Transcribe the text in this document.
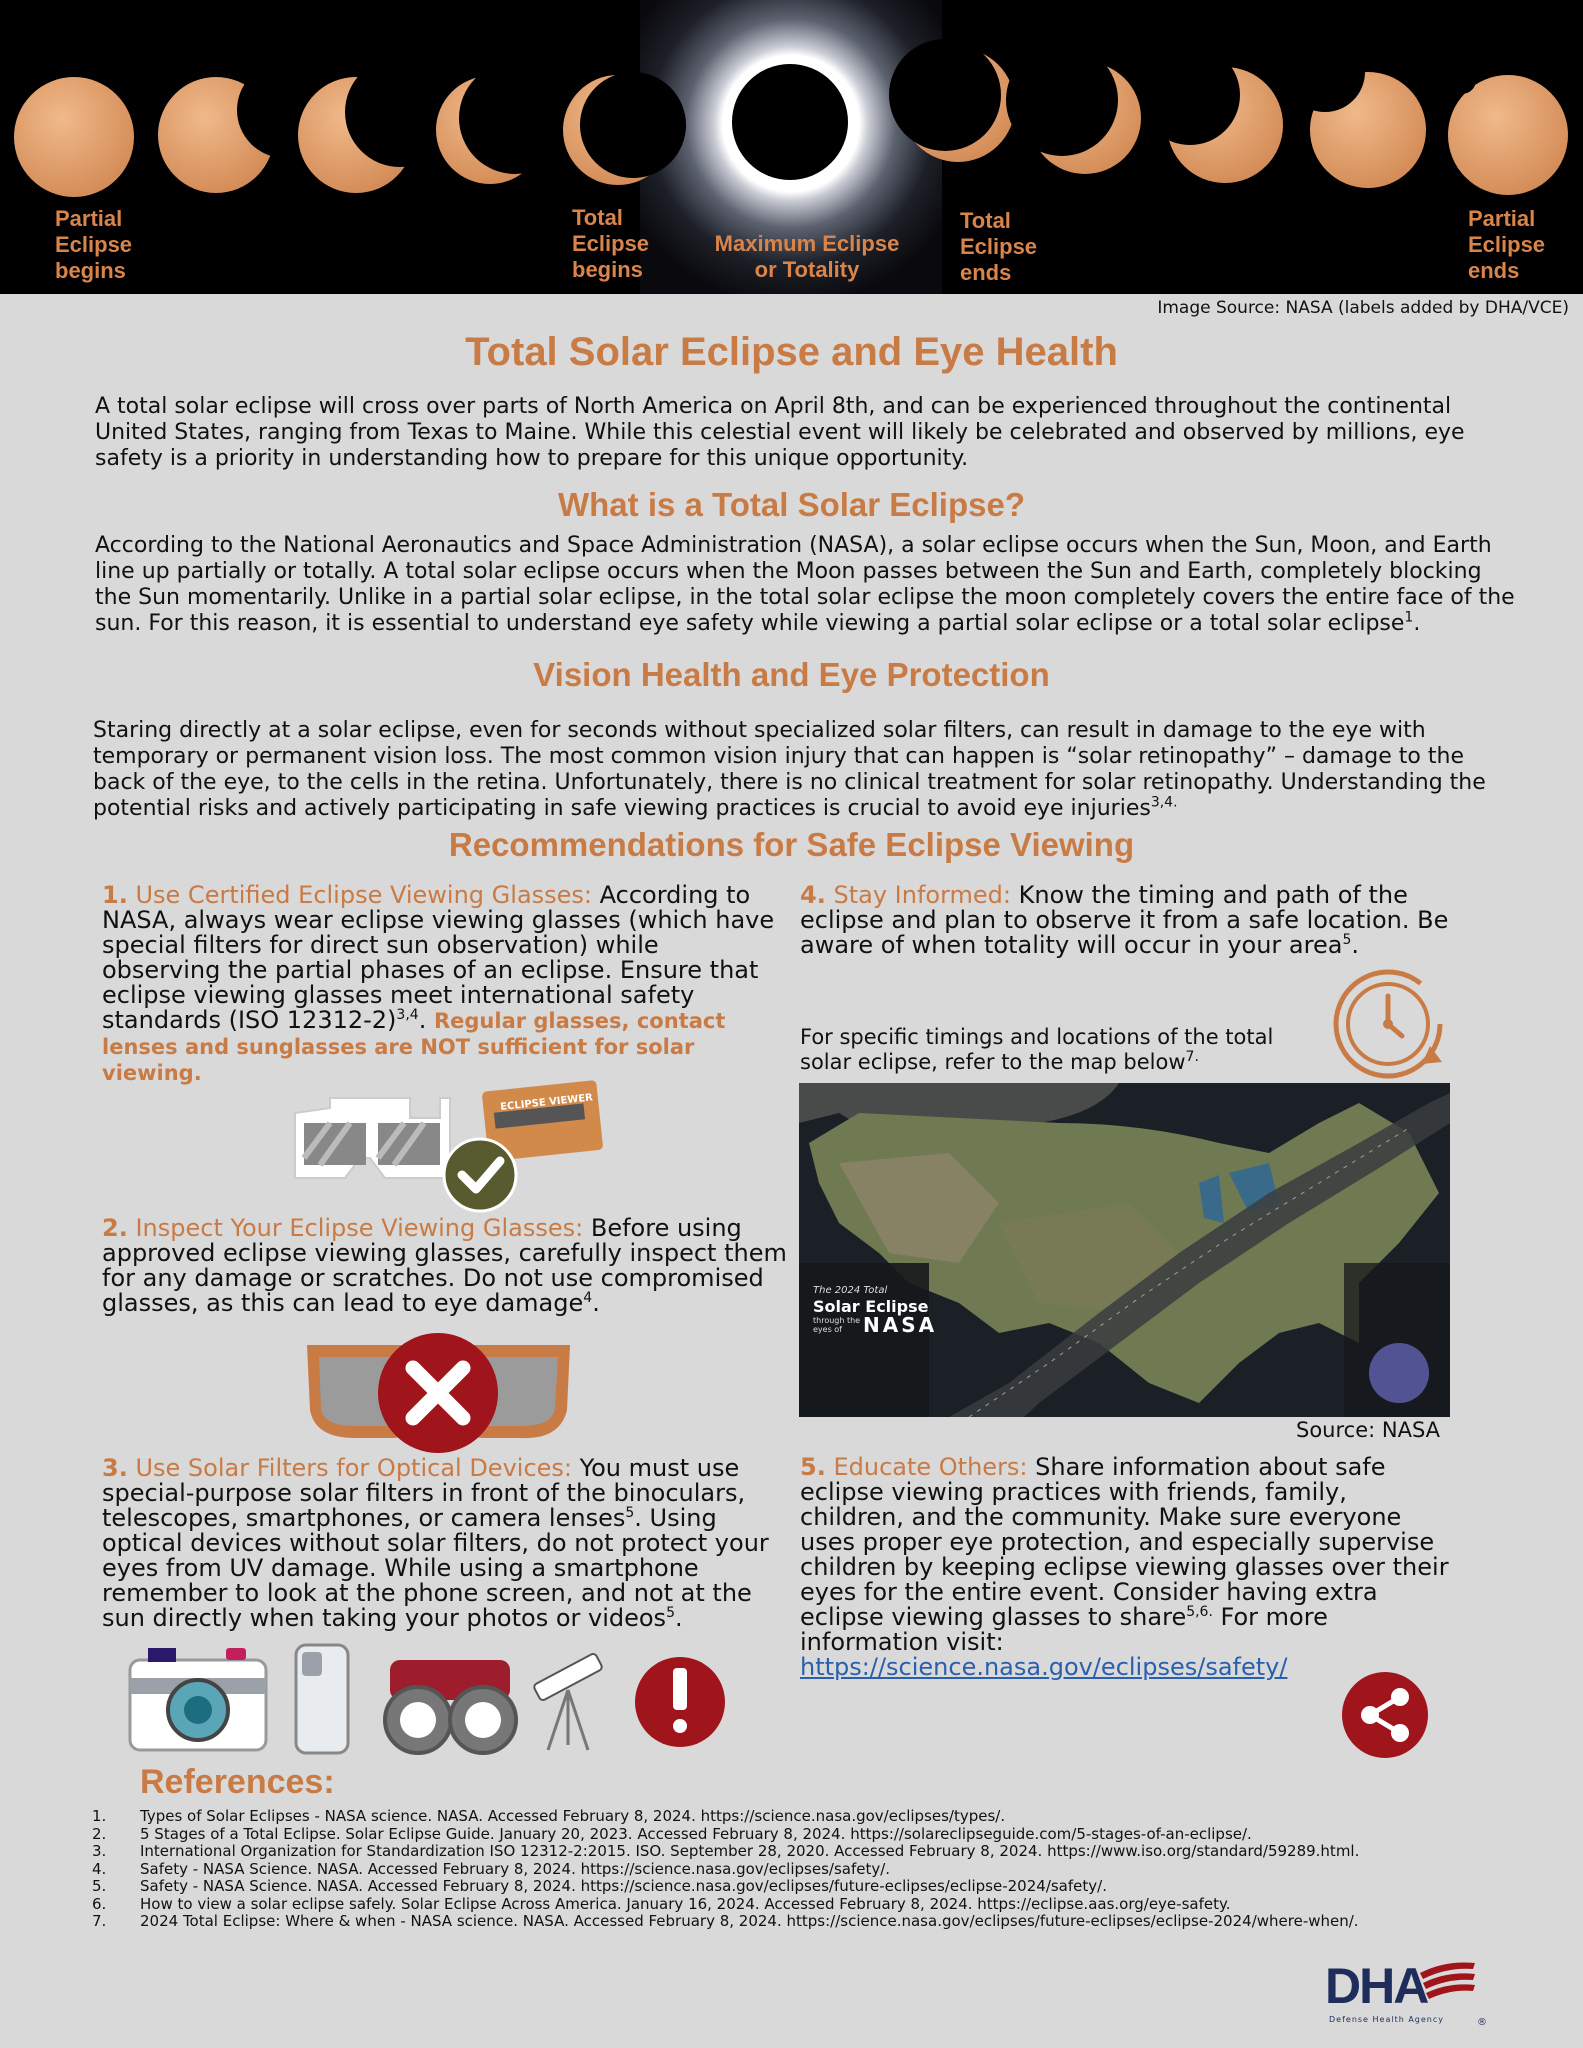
Partial Eclipse begins
Total Eclipse begins
Maximum Eclipse or Totality
Total Eclipse ends
Partial Eclipse ends
Image Source: NASA (labels added by DHA/VCE)
Total Solar Eclipse and Eye Health
A total solar eclipse will cross over parts of North America on April 8th, and can be experienced throughout the continental United States, ranging from Texas to Maine. While this celestial event will likely be celebrated and observed by millions, eye safety is a priority in understanding how to prepare for this unique opportunity.
What is a Total Solar Eclipse?
According to the National Aeronautics and Space Administration (NASA), a solar eclipse occurs when the Sun, Moon, and Earth line up partially or totally. A total solar eclipse occurs when the Moon passes between the Sun and Earth, completely blocking the Sun momentarily. Unlike in a partial solar eclipse, in the total solar eclipse the moon completely covers the entire face of the sun. For this reason, it is essential to understand eye safety while viewing a partial solar eclipse or a total solar eclipse$^1$.
Vision Health and Eye Protection
Staring directly at a solar eclipse, even for seconds without specialized solar filters, can result in damage to the eye with temporary or permanent vision loss. The most common vision injury that can happen is “solar retinopathy” – damage to the back of the eye, to the cells in the retina. Unfortunately, there is no clinical treatment for solar retinopathy. Understanding the potential risks and actively participating in safe viewing practices is crucial to avoid eye injuries$^{3,4.}$
Recommendations for Safe Eclipse Viewing
1. Use Certified Eclipse Viewing Glasses: According to NASA, always wear eclipse viewing glasses (which have special filters for direct sun observation) while observing the partial phases of an eclipse. Ensure that eclipse viewing glasses meet international safety standards (ISO 12312-2)$^{3,4}$. Regular glasses, contact lenses and sunglasses are NOT sufficient for solar viewing.
ECLIPSE VIEWER
2. Inspect Your Eclipse Viewing Glasses: Before using approved eclipse viewing glasses, carefully inspect them for any damage or scratches. Do not use compromised glasses, as this can lead to eye damage$^4$.
3. Use Solar Filters for Optical Devices: You must use special-purpose solar filters in front of the binoculars, telescopes, smartphones, or camera lenses$^5$. Using optical devices without solar filters, do not protect your eyes from UV damage. While using a smartphone remember to look at the phone screen, and not at the sun directly when taking your photos or videos$^5$.
4. Stay Informed: Know the timing and path of the eclipse and plan to observe it from a safe location. Be aware of when totality will occur in your area$^5$.
For specific timings and locations of the total solar eclipse, refer to the map below$^{7.}$
The 2024 Total
Solar Eclipse
through the eyes of	NASA
Source: NASA
5. Educate Others: Share information about safe eclipse viewing practices with friends, family, children, and the community. Make sure everyone uses proper eye protection, and especially supervise children by keeping eclipse viewing glasses over their eyes for the entire event. Consider having extra eclipse viewing glasses to share$^{5,6.}$ For more information visit: https://science.nasa.gov/eclipses/safety/
References:
1.	Types of Solar Eclipses - NASA science. NASA. Accessed February 8, 2024. https://science.nasa.gov/eclipses/types/.
2.	5 Stages of a Total Eclipse. Solar Eclipse Guide. January 20, 2023. Accessed February 8, 2024. https://solareclipseguide.com/5-stages-of-an-eclipse/.
3.	International Organization for Standardization ISO 12312-2:2015. ISO. September 28, 2020. Accessed February 8, 2024. https://www.iso.org/standard/59289.html.
4.	Safety - NASA Science. NASA. Accessed February 8, 2024. https://science.nasa.gov/eclipses/safety/.
5.	Safety - NASA Science. NASA. Accessed February 8, 2024. https://science.nasa.gov/eclipses/future-eclipses/eclipse-2024/safety/.
6.	How to view a solar eclipse safely. Solar Eclipse Across America. January 16, 2024. Accessed February 8, 2024. https://eclipse.aas.org/eye-safety.
7.	2024 Total Eclipse: Where & when - NASA science. NASA. Accessed February 8, 2024. https://science.nasa.gov/eclipses/future-eclipses/eclipse-2024/where-when/.
DHA
Defense Health Agency	®
